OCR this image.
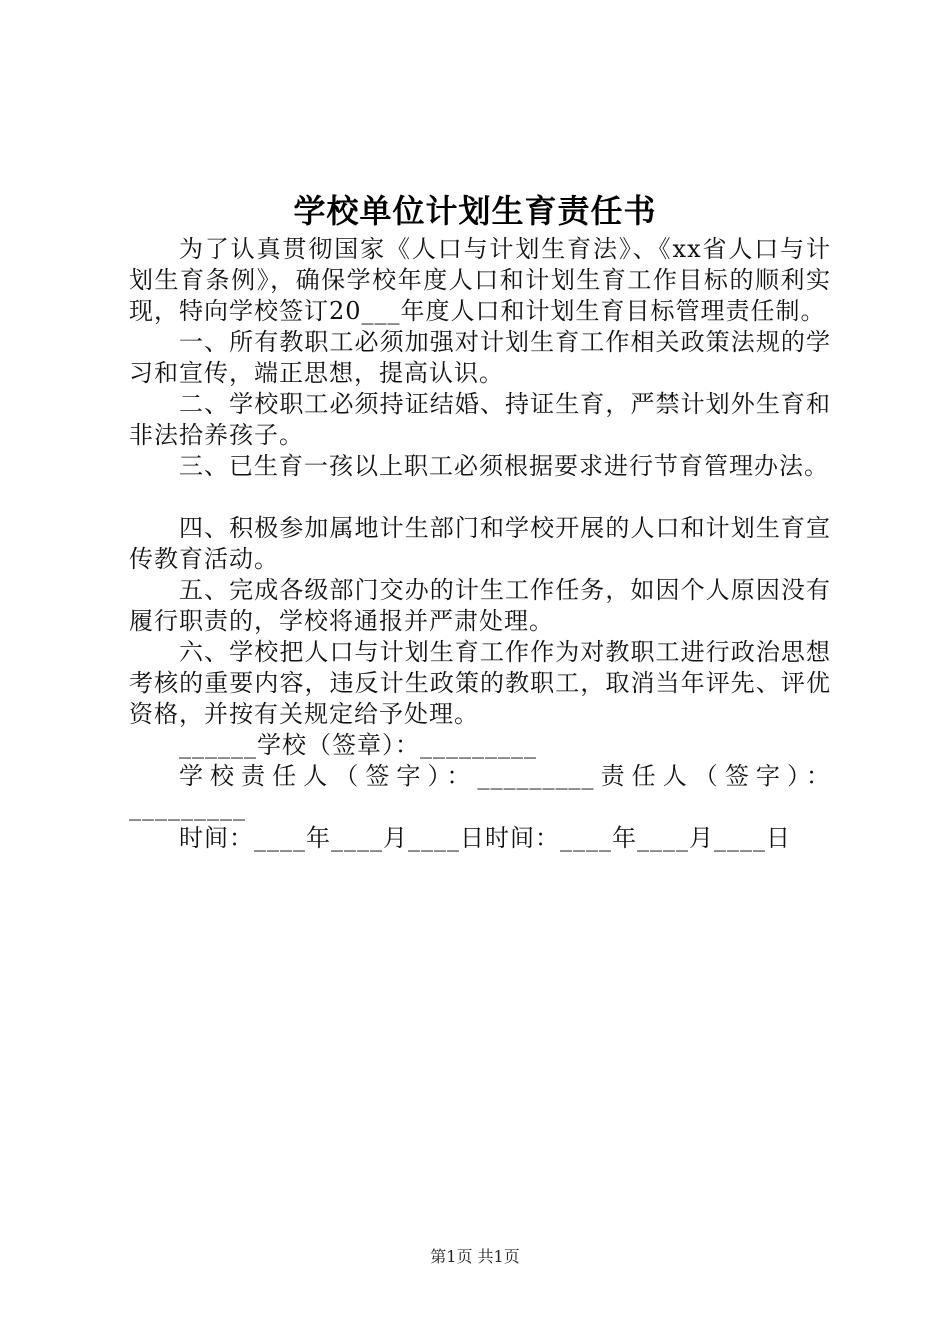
学校单位计划生育责任书

为了认真贯彻国家《人口与计划生育法》、《xx省人口与计划生育条例》，确保学校年度人口和计划生育工作目标的顺利实现，特向学校签订20___年度人口和计划生育目标管理责任制。

一、所有教职工必须加强对计划生育工作相关政策法规的学习和宣传，端正思想，提高认识。

二、学校职工必须持证结婚、持证生育，严禁计划外生育和非法拾养孩子。

三、已生育一孩以上职工必须根据要求进行节育管理办法。

四、积极参加属地计生部门和学校开展的人口和计划生育宣传教育活动。

五、完成各级部门交办的计生工作任务，如因个人原因没有履行职责的，学校将通报并严肃处理。

六、学校把人口与计划生育工作作为对教职工进行政治思想考核的重要内容，违反计生政策的教职工，取消当年评先、评优资格，并按有关规定给予处理。

______学校（签章）：_________

学校责任人（签字）：_________责任人（签字）：_________

时间：____年____月____日时间：____年____月____日

第1页 共1页
